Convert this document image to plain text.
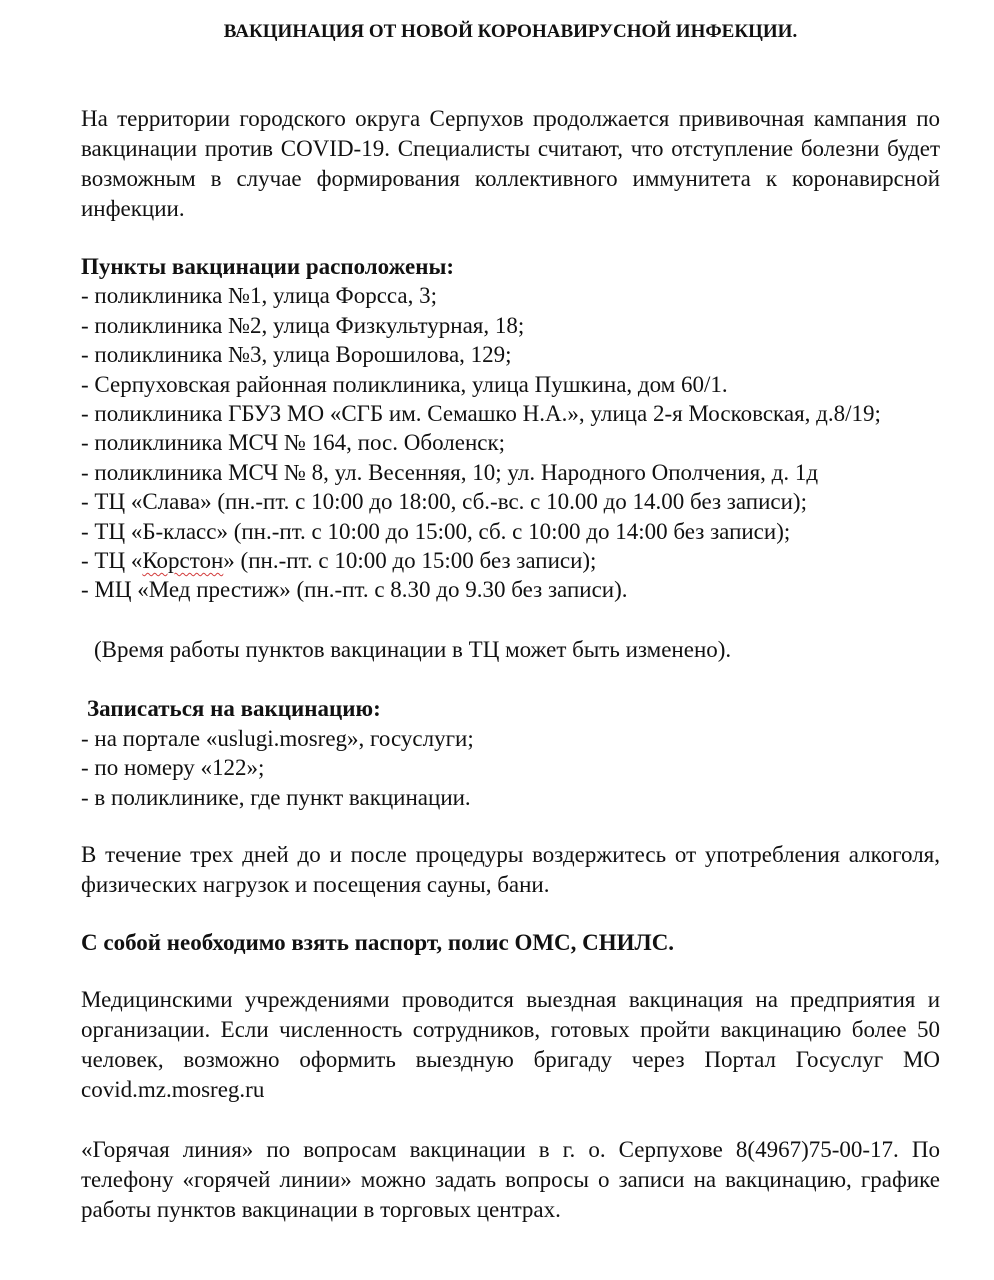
ВАКЦИНАЦИЯ ОТ НОВОЙ КОРОНАВИРУСНОЙ ИНФЕКЦИИ.

На территории городского округа Серпухов продолжается прививочная кампания по вакцинации против COVID-19. Специалисты считают, что отступление болезни будет возможным в случае формирования коллективного иммунитета к коронавирсной инфекции.

Пункты вакцинации расположены:

- поликлиника №1, улица Форсса, 3;

- поликлиника №2, улица Физкультурная, 18;

- поликлиника №3, улица Ворошилова, 129;

- Серпуховская районная поликлиника, улица Пушкина, дом 60/1.

- поликлиника ГБУЗ МО «СГБ им. Семашко Н.А.», улица 2-я Московская, д.8/19;

- поликлиника МСЧ № 164, пос. Оболенск;

- поликлиника МСЧ № 8, ул. Весенняя, 10; ул. Народного Ополчения, д. 1д

- ТЦ «Слава» (пн.-пт. с 10:00 до 18:00, сб.-вс. с 10.00 до 14.00 без записи);

- ТЦ «Б-класс» (пн.-пт. с 10:00 до 15:00, сб. с 10:00 до 14:00 без записи);

- ТЦ «Корстон» (пн.-пт. с 10:00 до 15:00 без записи);

- МЦ «Мед престиж» (пн.-пт. с 8.30 до 9.30 без записи).

(Время работы пунктов вакцинации в ТЦ может быть изменено).

Записаться на вакцинацию:

- на портале «uslugi.mosreg», госуслуги;

- по номеру «122»;

- в поликлинике, где пункт вакцинации.

В течение трех дней до и после процедуры воздержитесь от употребления алкоголя, физических нагрузок и посещения сауны, бани.

С собой необходимо взять паспорт, полис ОМС, СНИЛС.

Медицинскими учреждениями проводится выездная вакцинация на предприятия и организации. Если численность сотрудников, готовых пройти вакцинацию более 50 человек, возможно оформить выездную бригаду через Портал Госуслуг МО covid.mz.mosreg.ru

«Горячая линия» по вопросам вакцинации в г. о. Серпухове 8(4967)75-00-17. По телефону «горячей линии» можно задать вопросы о записи на вакцинацию, графике работы пунктов вакцинации в торговых центрах.
